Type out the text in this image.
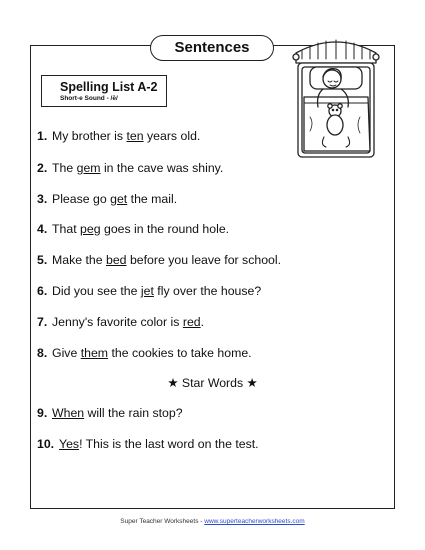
Sentences
Spelling List A-2
Short-e Sound - /ĕ/
1. My brother is ten years old.
2. The gem in the cave was shiny.
3. Please go get the mail.
4. That peg goes in the round hole.
5. Make the bed before you leave for school.
6. Did you see the jet fly over the house?
7. Jenny's favorite color is red.
8. Give them the cookies to take home.
★ Star Words ★
9. When will the rain stop?
10. Yes! This is the last word on the test.
Super Teacher Worksheets - www.superteacherworksheets.com
